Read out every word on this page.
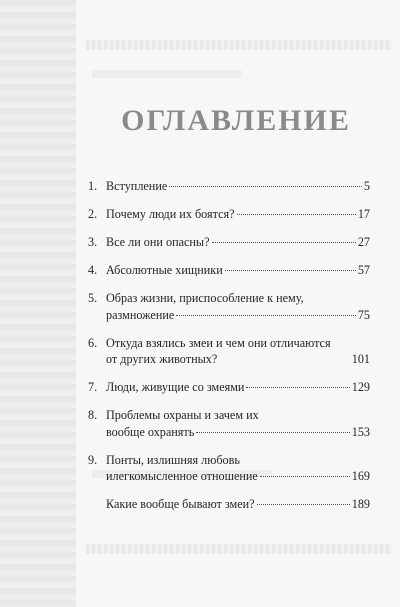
ОГЛАВЛЕНИЕ
1. Вступление	5
2. Почему люди их боятся?	17
3. Все ли они опасны?	27
4. Абсолютные хищники	57
5. Образ жизни, приспособление к нему,
размножение	75
6. Откуда взялись змеи и чем они отличаются
от других животных?	101
7. Люди, живущие со змеями	129
8. Проблемы охраны и зачем их
вообще охранять	153
9. Понты, излишняя любовь
илегкомысленное отношение	169
Какие вообще бывают змеи?	189
